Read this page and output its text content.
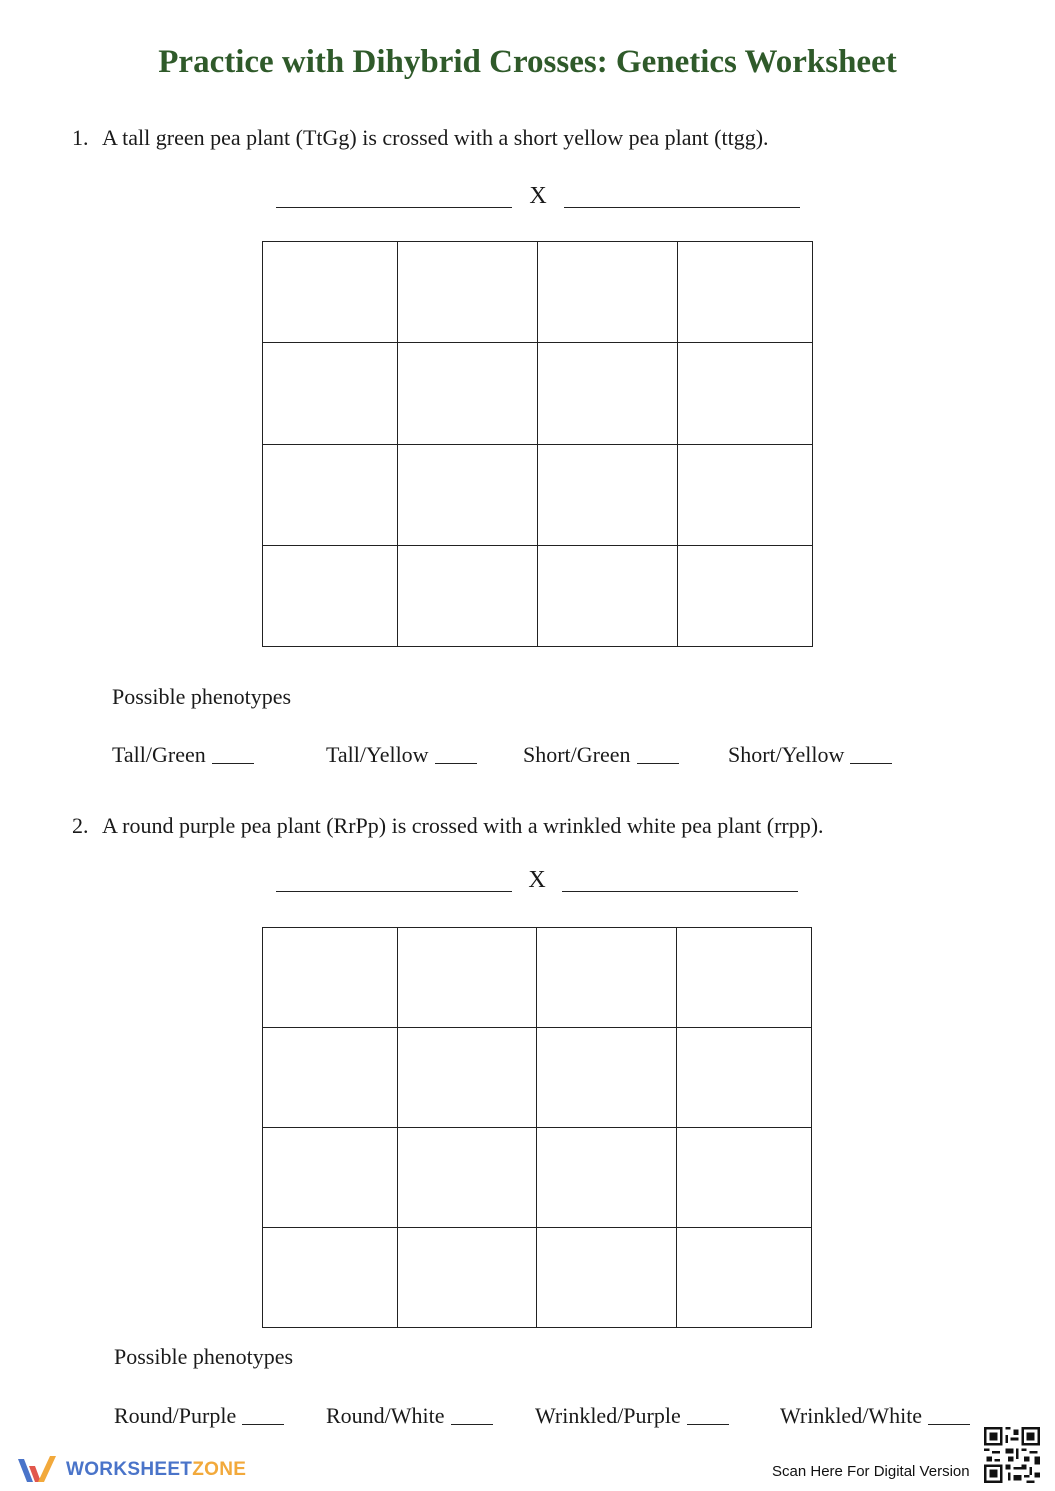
Practice with Dihybrid Crosses: Genetics Worksheet
1. A tall green pea plant (TtGg) is crossed with a short yellow pea plant (ttgg).
X

Possible phenotypes
Tall/Green	Tall/Yellow	Short/Green	Short/Yellow
2. A round purple pea plant (RrPp) is crossed with a wrinkled white pea plant (rrpp).
X

Possible phenotypes
Round/Purple	Round/White	Wrinkled/Purple	Wrinkled/White
WORKSHEETZONE	Scan Here For Digital Version
